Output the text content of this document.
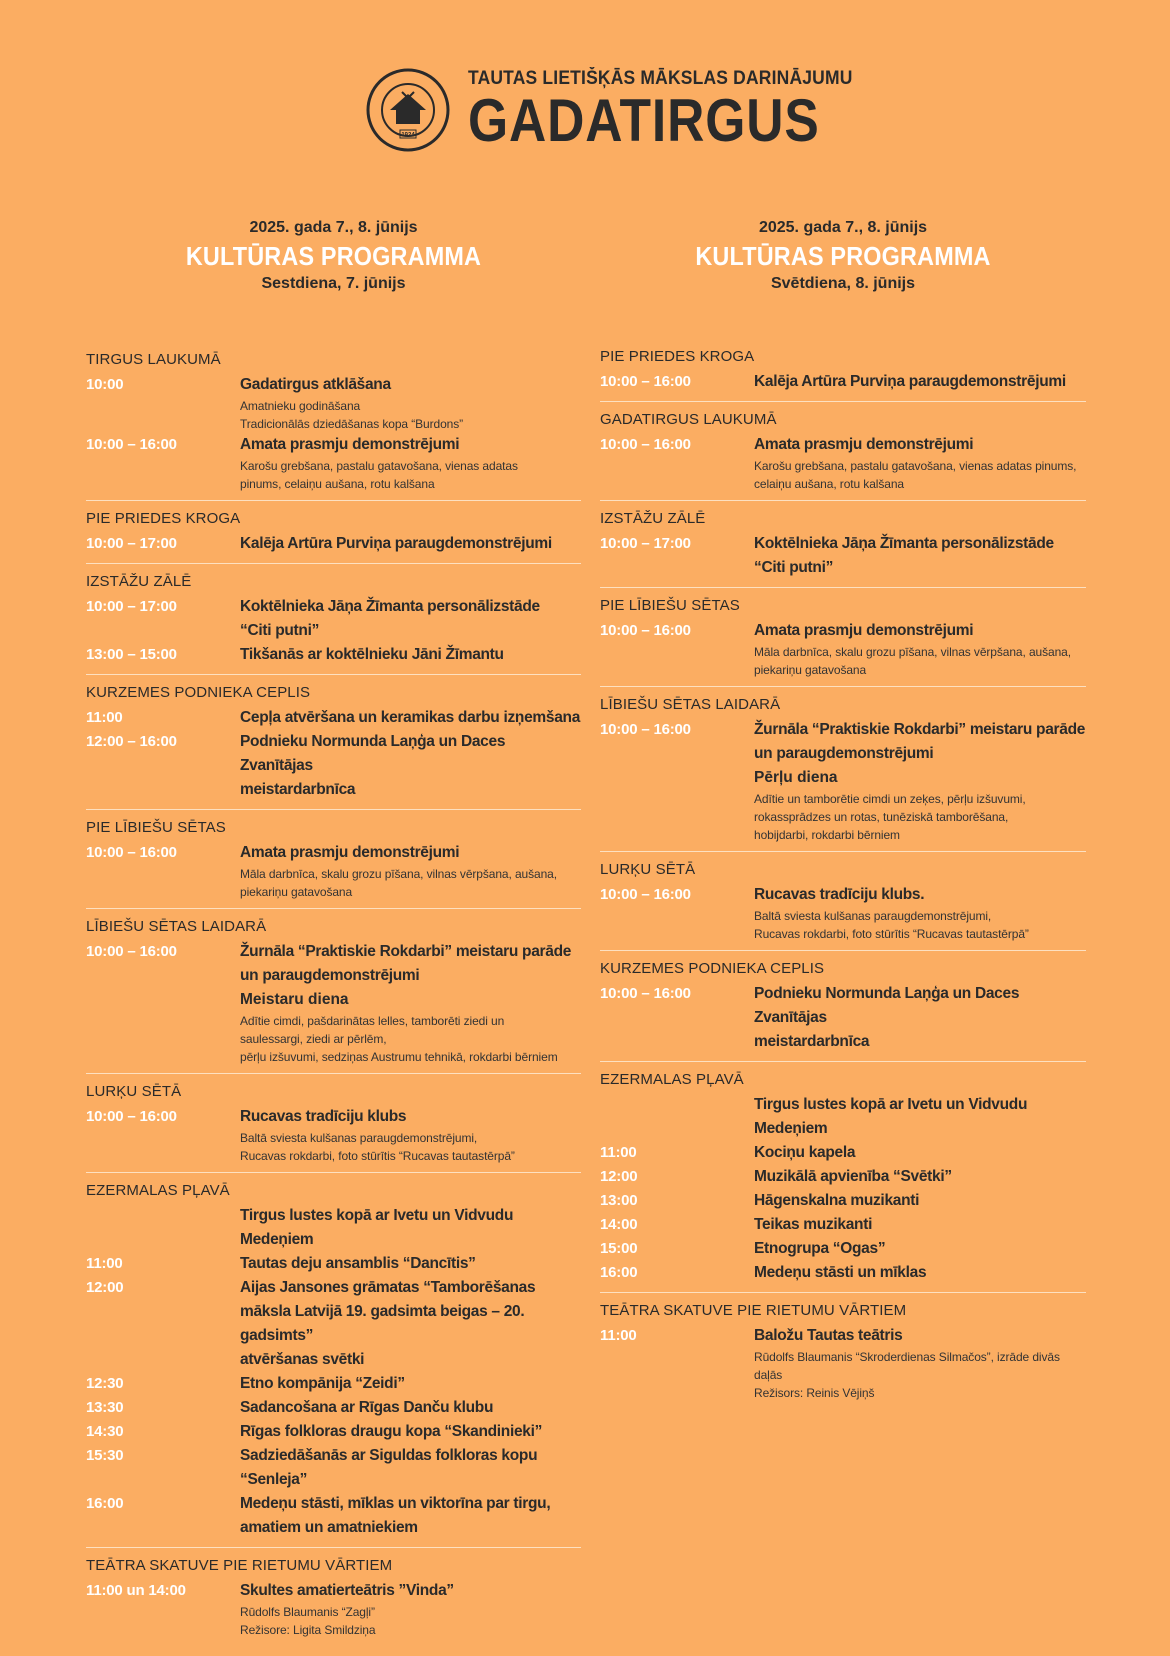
1924
TAUTAS LIETIŠĶĀS MĀKSLAS DARINĀJUMU
GADATIRGUS
2025. gada 7., 8. jūnijs
KULTŪRAS PROGRAMMA
Sestdiena, 7. jūnijs
TIRGUS LAUKUMĀ
10:00	Gadatirgus atklāšana
Amatnieku godināšana
Tradicionālās dziedāšanas kopa “Burdons”
10:00 – 16:00	Amata prasmju demonstrējumi
Karošu grebšana, pastalu gatavošana, vienas adatas
pinums, celaiņu aušana, rotu kalšana
PIE PRIEDES KROGA
10:00 – 17:00	Kalēja Artūra Purviņa paraugdemonstrējumi
IZSTĀŽU ZĀLĒ
10:00 – 17:00	Koktēlnieka Jāņa Žīmanta personālizstāde
“Citi putni”
13:00 – 15:00	Tikšanās ar koktēlnieku Jāni Žīmantu
KURZEMES PODNIEKA CEPLIS
11:00	Cepļa atvēršana un keramikas darbu izņemšana
12:00 – 16:00	Podnieku Normunda Laņģa un Daces Zvanītājas
meistardarbnīca
PIE LĪBIEŠU SĒTAS
10:00 – 16:00	Amata prasmju demonstrējumi
Māla darbnīca, skalu grozu pīšana, vilnas vērpšana, aušana,
piekariņu gatavošana
LĪBIEŠU SĒTAS LAIDARĀ
10:00 – 16:00	Žurnāla “Praktiskie Rokdarbi” meistaru parāde
un paraugdemonstrējumi
Meistaru diena
Adītie cimdi, pašdarinātas lelles, tamborēti ziedi un
saulessargi, ziedi ar pērlēm,
pērļu izšuvumi, sedziņas Austrumu tehnikā, rokdarbi bērniem
LURĶU SĒTĀ
10:00 – 16:00	Rucavas tradīciju klubs
Baltā sviesta kulšanas paraugdemonstrējumi,
Rucavas rokdarbi, foto stūrītis “Rucavas tautastērpā”
EZERMALAS PĻAVĀ
Tirgus lustes kopā ar Ivetu un Vidvudu Medeņiem
11:00	Tautas deju ansamblis “Dancītis”
12:00	Aijas Jansones grāmatas “Tamborēšanas
māksla Latvijā 19. gadsimta beigas – 20. gadsimts”
atvēršanas svētki
12:30	Etno kompānija “Zeidi”
13:30	Sadancošana ar Rīgas Danču klubu
14:30	Rīgas folkloras draugu kopa “Skandinieki”
15:30	Sadziedāšanās ar Siguldas folkloras kopu “Senleja”
16:00	Medeņu stāsti, mīklas un viktorīna par tirgu,
amatiem un amatniekiem
TEĀTRA SKATUVE PIE RIETUMU VĀRTIEM
11:00 un 14:00	Skultes amatierteātris ”Vinda”
Rūdolfs Blaumanis “Zagļi”
Režisore: Ligita Smildziņa
2025. gada 7., 8. jūnijs
KULTŪRAS PROGRAMMA
Svētdiena, 8. jūnijs
PIE PRIEDES KROGA
10:00 – 16:00	Kalēja Artūra Purviņa paraugdemonstrējumi
GADATIRGUS LAUKUMĀ
10:00 – 16:00	Amata prasmju demonstrējumi
Karošu grebšana, pastalu gatavošana, vienas adatas pinums,
celaiņu aušana, rotu kalšana
IZSTĀŽU ZĀLĒ
10:00 – 17:00	Koktēlnieka Jāņa Žīmanta personālizstāde
“Citi putni”
PIE LĪBIEŠU SĒTAS
10:00 – 16:00	Amata prasmju demonstrējumi
Māla darbnīca, skalu grozu pīšana, vilnas vērpšana, aušana,
piekariņu gatavošana
LĪBIEŠU SĒTAS LAIDARĀ
10:00 – 16:00	Žurnāla “Praktiskie Rokdarbi” meistaru parāde
un paraugdemonstrējumi
Pērļu diena
Adītie un tamborētie cimdi un zeķes, pērļu izšuvumi,
rokassprādzes un rotas, tunēziskā tamborēšana,
hobijdarbi, rokdarbi bērniem
LURĶU SĒTĀ
10:00 – 16:00	Rucavas tradīciju klubs.
Baltā sviesta kulšanas paraugdemonstrējumi,
Rucavas rokdarbi, foto stūrītis “Rucavas tautastērpā”
KURZEMES PODNIEKA CEPLIS
10:00 – 16:00	Podnieku Normunda Laņģa un Daces Zvanītājas
meistardarbnīca
EZERMALAS PĻAVĀ
Tirgus lustes kopā ar Ivetu un Vidvudu Medeņiem
11:00	Kociņu kapela
12:00	Muzikālā apvienība “Svētki”
13:00	Hāgenskalna muzikanti
14:00	Teikas muzikanti
15:00	Etnogrupa “Ogas”
16:00	Medeņu stāsti un mīklas
TEĀTRA SKATUVE PIE RIETUMU VĀRTIEM
11:00	Baložu Tautas teātris
Rūdolfs Blaumanis “Skroderdienas Silmačos”, izrāde divās daļās
Režisors: Reinis Vējiņš
